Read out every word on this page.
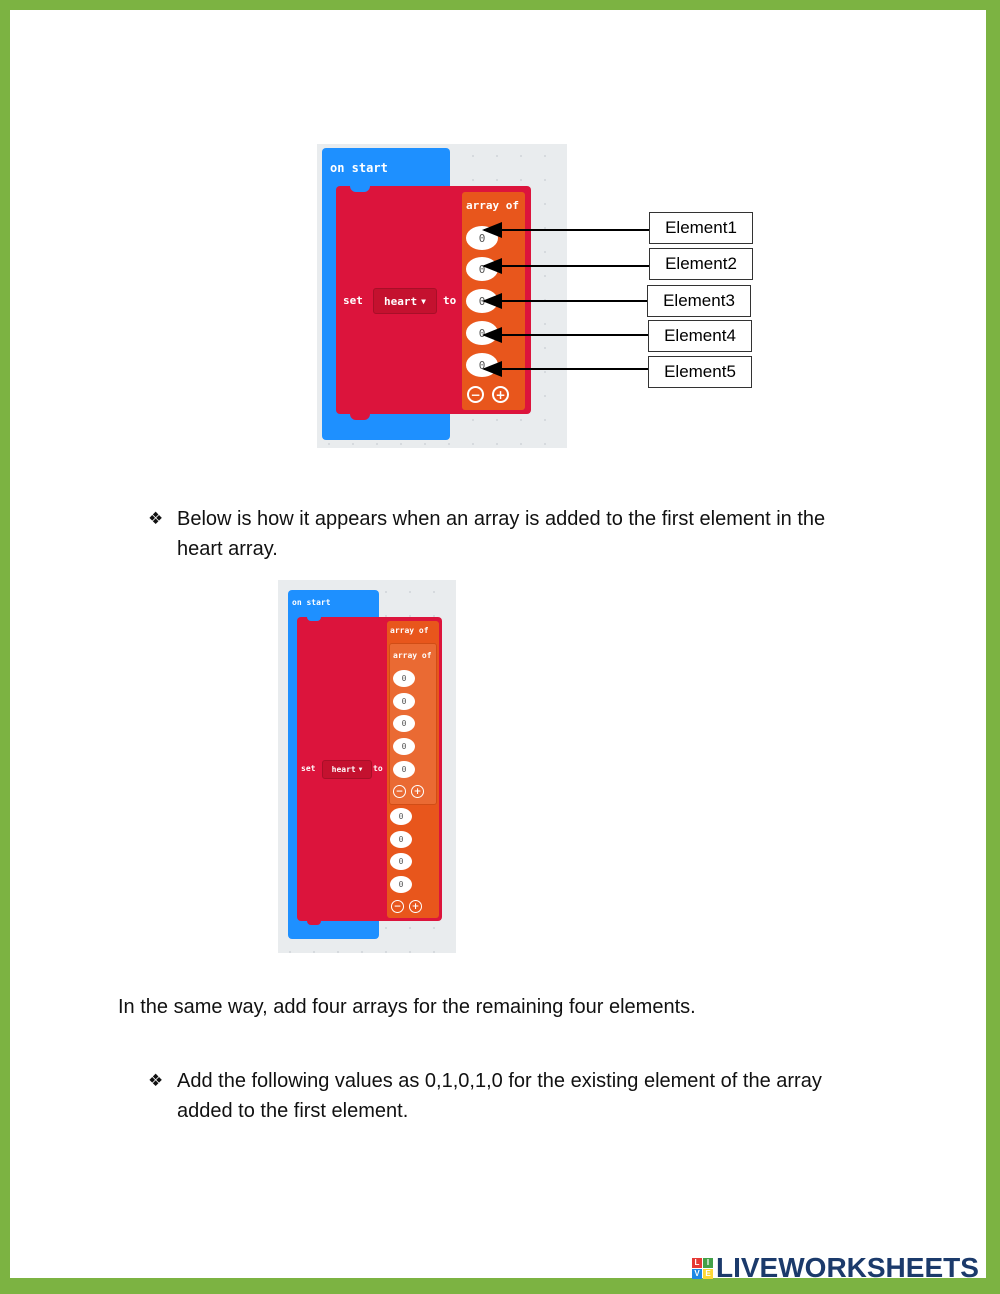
on start
set heart ▼ to
array of
0
0
0
0
0
− +
Element1
Element2
Element3
Element4
Element5
❖ Below is how it appears when an array is added to the first element in the
heart array.
on start
set heart ▼ to
array of
array of
0
0
0
0
0
−	+
0
0
0
0
−	+
In the same way, add four arrays for the remaining four elements.
❖ Add the following values as 0,1,0,1,0 for the existing element of the array
added to the first element.
L I
V E LIVEWORKSHEETS
